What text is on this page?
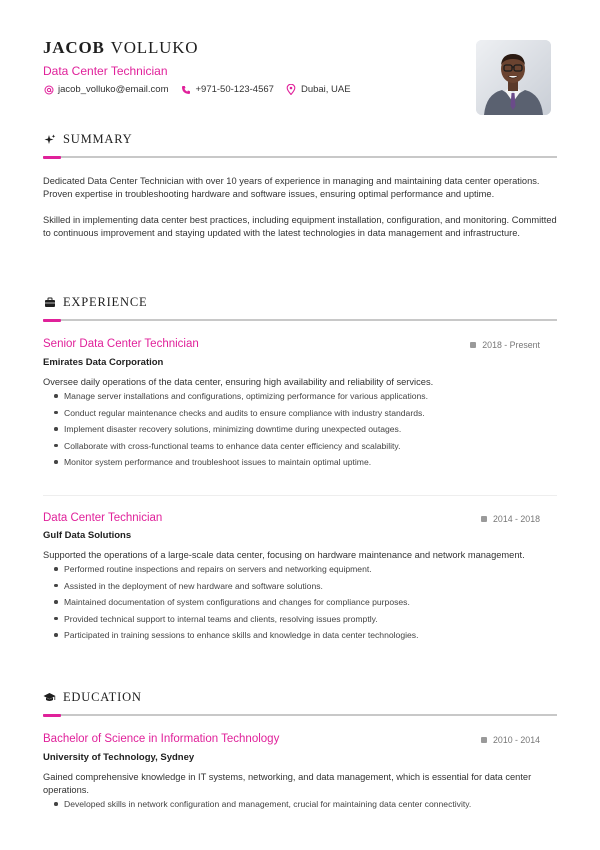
JACOB VOLLUKO
Data Center Technician
jacob_volluko@email.com	+971-50-123-4567	Dubai, UAE
SUMMARY
Dedicated Data Center Technician with over 10 years of experience in managing and maintaining data center operations. Proven expertise in troubleshooting hardware and software issues, ensuring optimal performance and uptime.
Skilled in implementing data center best practices, including equipment installation, configuration, and monitoring. Committed to continuous improvement and staying updated with the latest technologies in data management and infrastructure.
EXPERIENCE
Senior Data Center Technician	2018 - Present
Emirates Data Corporation
Oversee daily operations of the data center, ensuring high availability and reliability of services.
Manage server installations and configurations, optimizing performance for various applications.
Conduct regular maintenance checks and audits to ensure compliance with industry standards.
Implement disaster recovery solutions, minimizing downtime during unexpected outages.
Collaborate with cross-functional teams to enhance data center efficiency and scalability.
Monitor system performance and troubleshoot issues to maintain optimal uptime.
Data Center Technician	2014 - 2018
Gulf Data Solutions
Supported the operations of a large-scale data center, focusing on hardware maintenance and network management.
Performed routine inspections and repairs on servers and networking equipment.
Assisted in the deployment of new hardware and software solutions.
Maintained documentation of system configurations and changes for compliance purposes.
Provided technical support to internal teams and clients, resolving issues promptly.
Participated in training sessions to enhance skills and knowledge in data center technologies.
EDUCATION
Bachelor of Science in Information Technology	2010 - 2014
University of Technology, Sydney
Gained comprehensive knowledge in IT systems, networking, and data management, which is essential for data center operations.
Developed skills in network configuration and management, crucial for maintaining data center connectivity.
